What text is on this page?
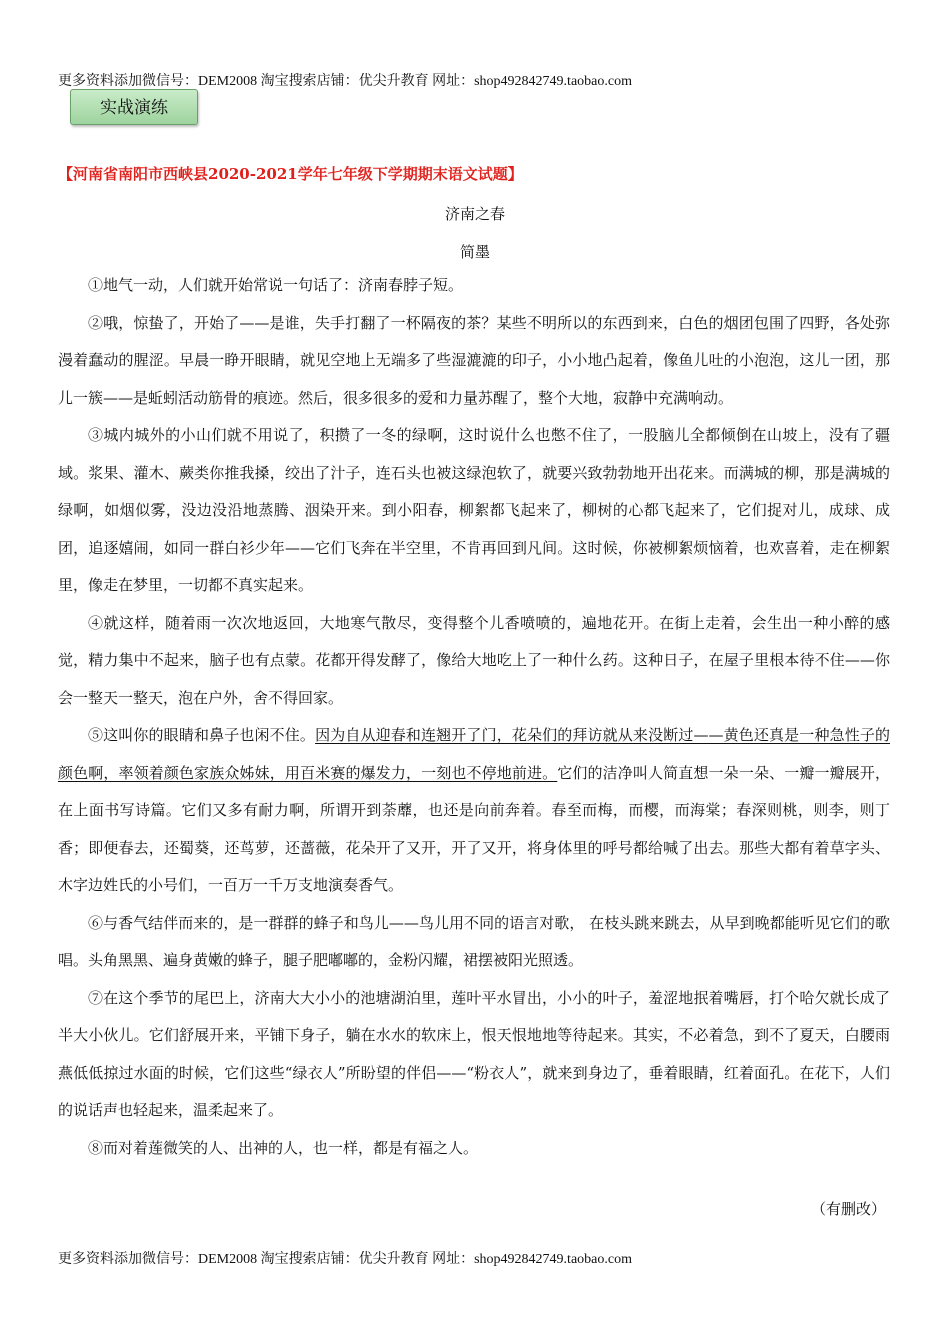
更多资料添加微信号：DEM2008 淘宝搜索店铺：优尖升教育 网址：shop492842749.taobao.com
实战演练
【河南省南阳市西峡县2020-2021学年七年级下学期期末语文试题】
济南之春
简墨

①地气一动，人们就开始常说一句话了：济南春脖子短。

②哦，惊蛰了，开始了——是谁，失手打翻了一杯隔夜的茶？某些不明所以的东西到来，白色的烟团包围了四野，各处弥漫着蠢动的腥涩。早晨一睁开眼睛，就见空地上无端多了些湿漉漉的印子，小小地凸起着，像鱼儿吐的小泡泡，这儿一团，那儿一簇——是蚯蚓活动筋骨的痕迹。然后，很多很多的爱和力量苏醒了，整个大地，寂静中充满响动。

③城内城外的小山们就不用说了，积攒了一冬的绿啊，这时说什么也憋不住了，一股脑儿全都倾倒在山坡上，没有了疆域。浆果、灌木、蕨类你推我搡，绞出了汁子，连石头也被这绿泡软了，就要兴致勃勃地开出花来。而满城的柳，那是满城的绿啊，如烟似雾，没边没沿地蒸腾、洇染开来。到小阳春，柳絮都飞起来了，柳树的心都飞起来了，它们捉对儿，成球、成团，追逐嬉闹，如同一群白衫少年——它们飞奔在半空里，不肯再回到凡间。这时候，你被柳絮烦恼着，也欢喜着，走在柳絮里，像走在梦里，一切都不真实起来。

④就这样，随着雨一次次地返回，大地寒气散尽，变得整个儿香喷喷的，遍地花开。在街上走着，会生出一种小醉的感觉，精力集中不起来，脑子也有点蒙。花都开得发酵了，像给大地吃上了一种什么药。这种日子，在屋子里根本待不住——你会一整天一整天，泡在户外，舍不得回家。

⑤这叫你的眼睛和鼻子也闲不住。因为自从迎春和连翘开了门，花朵们的拜访就从来没断过——黄色还真是一种急性子的颜色啊，率领着颜色家族众姊妹，用百米赛的爆发力，一刻也不停地前进。它们的洁净叫人简直想一朵一朵、一瓣一瓣展开，在上面书写诗篇。它们又多有耐力啊，所谓开到荼蘼，也还是向前奔着。春至而梅，而樱，而海棠；春深则桃，则李，则丁香；即便春去，还蜀葵，还茑萝，还蔷薇，花朵开了又开，开了又开，将身体里的呼号都给喊了出去。那些大都有着草字头、木字边姓氏的小号们，一百万一千万支地演奏香气。

⑥与香气结伴而来的，是一群群的蜂子和鸟儿——鸟儿用不同的语言对歌， 在枝头跳来跳去，从早到晚都能听见它们的歌唱。头角黑黑、遍身黄嫩的蜂子，腿子肥嘟嘟的，金粉闪耀，裙摆被阳光照透。

⑦在这个季节的尾巴上，济南大大小小的池塘湖泊里，莲叶平水冒出，小小的叶子，羞涩地抿着嘴唇，打个哈欠就长成了半大小伙儿。它们舒展开来，平铺下身子，躺在水水的软床上，恨天恨地地等待起来。其实，不必着急，到不了夏天，白腰雨燕低低掠过水面的时候，它们这些“绿衣人”所盼望的伴侣——“粉衣人”，就来到身边了，垂着眼睛，红着面孔。在花下，人们的说话声也轻起来，温柔起来了。

⑧而对着莲微笑的人、出神的人，也一样，都是有福之人。

（有删改）
更多资料添加微信号：DEM2008 淘宝搜索店铺：优尖升教育 网址：shop492842749.taobao.com
